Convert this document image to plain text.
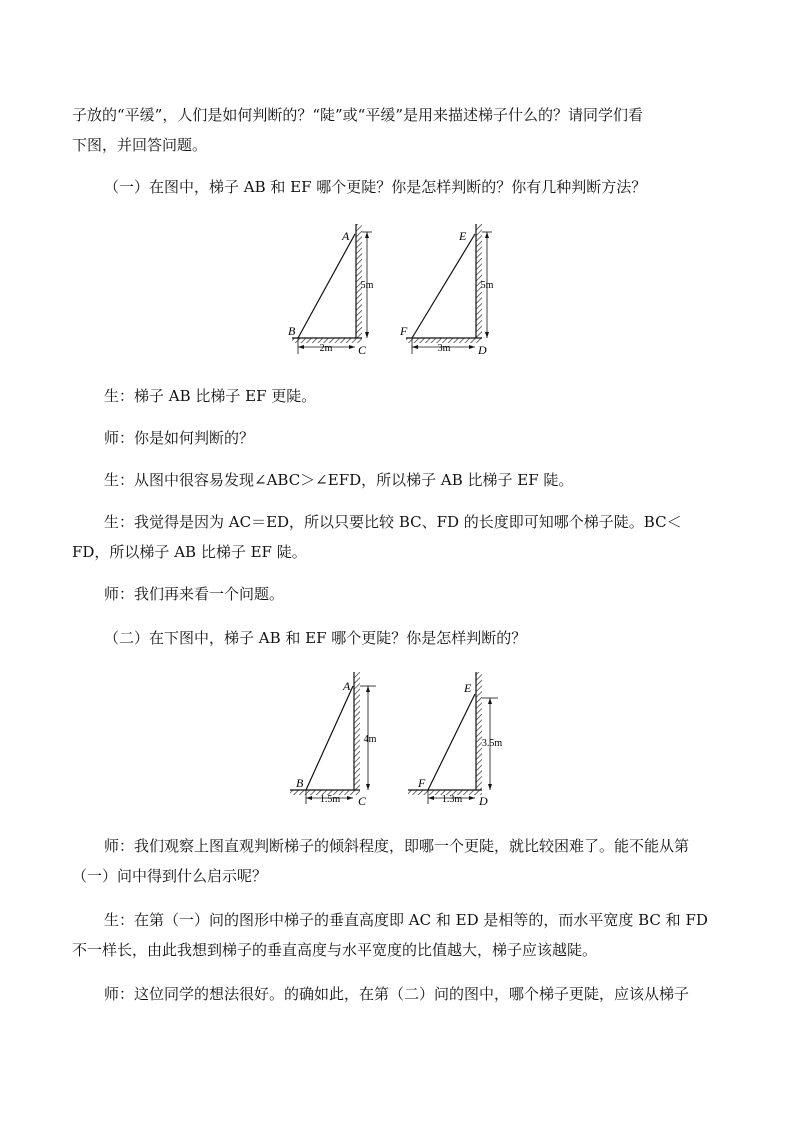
子放的“平缓”，人们是如何判断的？“陡”或“平缓”是用来描述梯子什么的？请同学们看
下图，并回答问题。
（一）在图中，梯子 AB 和 EF 哪个更陡？你是怎样判断的？你有几种判断方法？
A
B
C
5m
2m
E
F
D
5m
3m
生：梯子 AB 比梯子 EF 更陡。
师：你是如何判断的？
生：从图中很容易发现∠ABC＞∠EFD，所以梯子 AB 比梯子 EF 陡。
生：我觉得是因为 AC＝ED，所以只要比较 BC、FD 的长度即可知哪个梯子陡。BC＜
FD，所以梯子 AB 比梯子 EF 陡。
师：我们再来看一个问题。
（二）在下图中，梯子 AB 和 EF 哪个更陡？你是怎样判断的？
A
B
C
4m
1.5m
E
F
D
3.5m
1.3m
师：我们观察上图直观判断梯子的倾斜程度，即哪一个更陡，就比较困难了。能不能从第
（一）问中得到什么启示呢？
生：在第（一）问的图形中梯子的垂直高度即 AC 和 ED 是相等的，而水平宽度 BC 和 FD
不一样长，由此我想到梯子的垂直高度与水平宽度的比值越大，梯子应该越陡。
师：这位同学的想法很好。的确如此，在第（二）问的图中，哪个梯子更陡，应该从梯子
